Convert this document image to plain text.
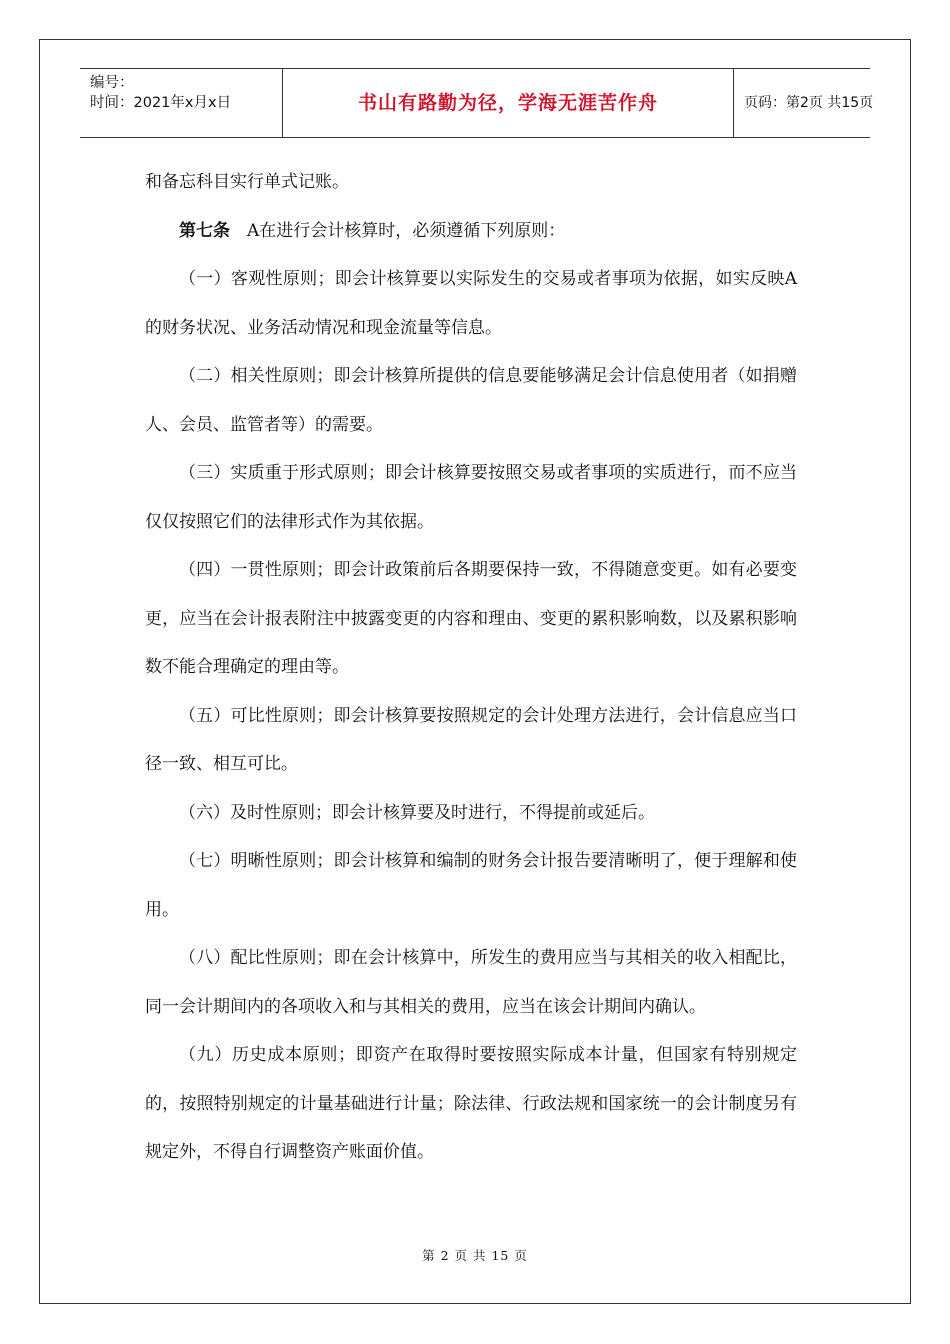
编号：
时间：2021年x月x日	书山有路勤为径，学海无涯苦作舟	页码：第2页 共15页

和备忘科目实行单式记账。

第七条　A在进行会计核算时，必须遵循下列原则：

（一）客观性原则；即会计核算要以实际发生的交易或者事项为依据，如实反映A的财务状况、业务活动情况和现金流量等信息。

（二）相关性原则；即会计核算所提供的信息要能够满足会计信息使用者（如捐赠人、会员、监管者等）的需要。

（三）实质重于形式原则；即会计核算要按照交易或者事项的实质进行，而不应当仅仅按照它们的法律形式作为其依据。

（四）一贯性原则；即会计政策前后各期要保持一致，不得随意变更。如有必要变更，应当在会计报表附注中披露变更的内容和理由、变更的累积影响数，以及累积影响数不能合理确定的理由等。

（五）可比性原则；即会计核算要按照规定的会计处理方法进行，会计信息应当口径一致、相互可比。

（六）及时性原则；即会计核算要及时进行，不得提前或延后。

（七）明晰性原则；即会计核算和编制的财务会计报告要清晰明了，便于理解和使用。

（八）配比性原则；即在会计核算中，所发生的费用应当与其相关的收入相配比，同一会计期间内的各项收入和与其相关的费用，应当在该会计期间内确认。

（九）历史成本原则；即资产在取得时要按照实际成本计量，但国家有特别规定的，按照特别规定的计量基础进行计量；除法律、行政法规和国家统一的会计制度另有规定外，不得自行调整资产账面价值。

第 2 页 共 15 页
